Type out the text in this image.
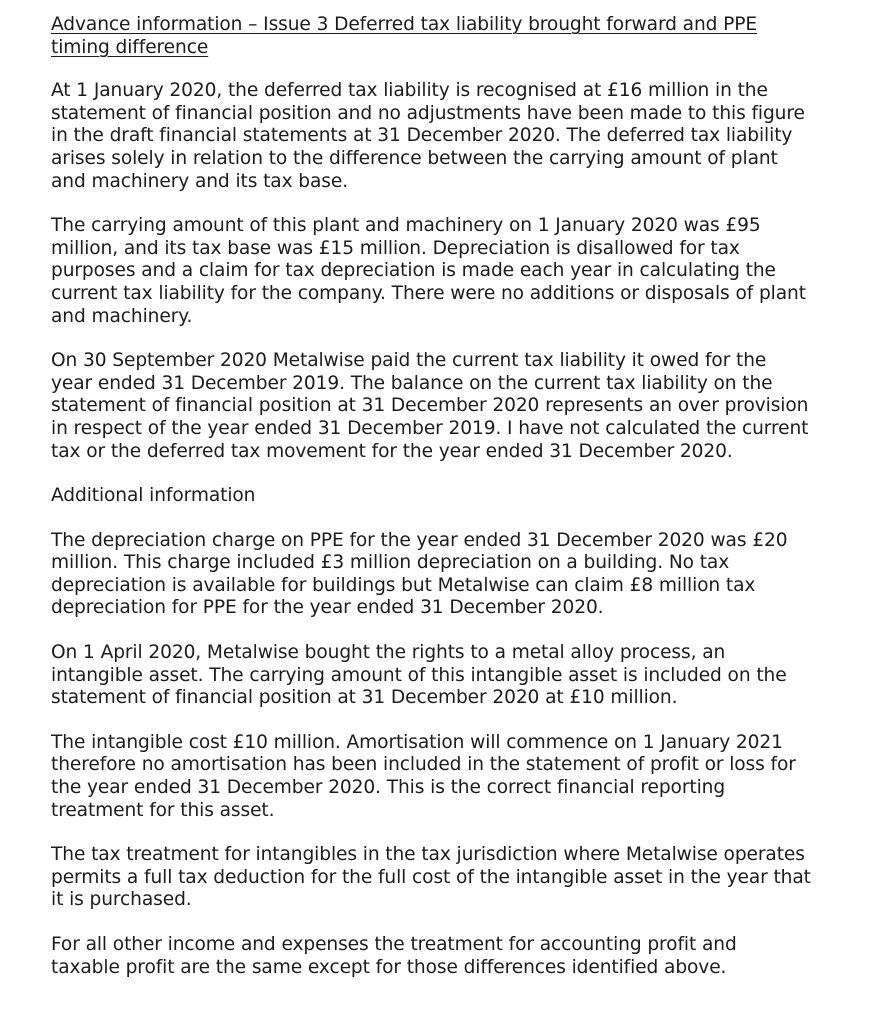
Advance information – Issue 3 Deferred tax liability brought forward and PPE timing difference

At 1 January 2020, the deferred tax liability is recognised at £16 million in the statement of financial position and no adjustments have been made to this figure in the draft financial statements at 31 December 2020. The deferred tax liability arises solely in relation to the difference between the carrying amount of plant and machinery and its tax base.

The carrying amount of this plant and machinery on 1 January 2020 was £95 million, and its tax base was £15 million. Depreciation is disallowed for tax purposes and a claim for tax depreciation is made each year in calculating the current tax liability for the company. There were no additions or disposals of plant and machinery.

On 30 September 2020 Metalwise paid the current tax liability it owed for the year ended 31 December 2019. The balance on the current tax liability on the statement of financial position at 31 December 2020 represents an over provision in respect of the year ended 31 December 2019. I have not calculated the current tax or the deferred tax movement for the year ended 31 December 2020.

Additional information

The depreciation charge on PPE for the year ended 31 December 2020 was £20 million. This charge included £3 million depreciation on a building. No tax depreciation is available for buildings but Metalwise can claim £8 million tax depreciation for PPE for the year ended 31 December 2020.

On 1 April 2020, Metalwise bought the rights to a metal alloy process, an intangible asset. The carrying amount of this intangible asset is included on the statement of financial position at 31 December 2020 at £10 million.

The intangible cost £10 million. Amortisation will commence on 1 January 2021 therefore no amortisation has been included in the statement of profit or loss for the year ended 31 December 2020. This is the correct financial reporting treatment for this asset.

The tax treatment for intangibles in the tax jurisdiction where Metalwise operates permits a full tax deduction for the full cost of the intangible asset in the year that it is purchased.

For all other income and expenses the treatment for accounting profit and taxable profit are the same except for those differences identified above.
